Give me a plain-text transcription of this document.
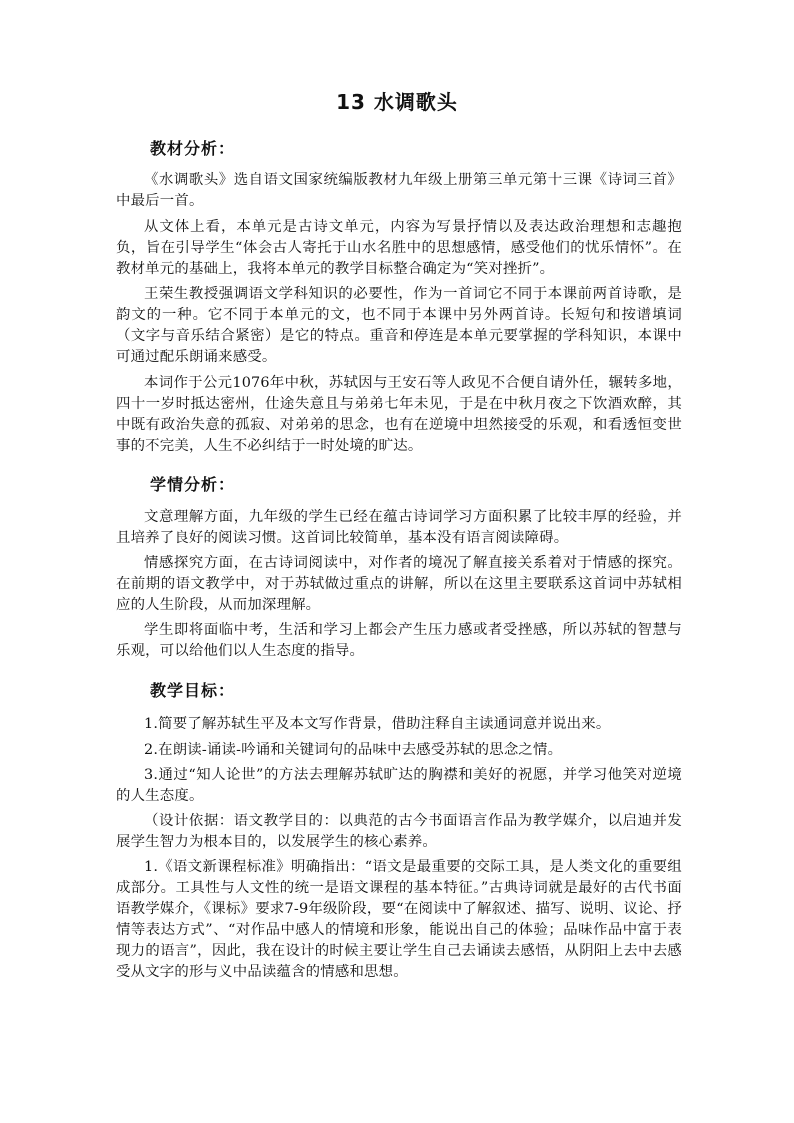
13 水调歌头
教材分析：

《水调歌头》选自语文国家统编版教材九年级上册第三单元第十三课《诗词三首》中最后一首。

从文体上看，本单元是古诗文单元，内容为写景抒情以及表达政治理想和志趣抱负，旨在引导学生“体会古人寄托于山水名胜中的思想感情，感受他们的忧乐情怀”。在教材单元的基础上，我将本单元的教学目标整合确定为“笑对挫折”。

王荣生教授强调语文学科知识的必要性，作为一首词它不同于本课前两首诗歌，是韵文的一种。它不同于本单元的文，也不同于本课中另外两首诗。长短句和按谱填词（文字与音乐结合紧密）是它的特点。重音和停连是本单元要掌握的学科知识，本课中可通过配乐朗诵来感受。

本词作于公元1076年中秋，苏轼因与王安石等人政见不合便自请外任，辗转多地，四十一岁时抵达密州，仕途失意且与弟弟七年未见，于是在中秋月夜之下饮酒欢醉，其中既有政治失意的孤寂、对弟弟的思念，也有在逆境中坦然接受的乐观，和看透恒变世事的不完美，人生不必纠结于一时处境的旷达。

学情分析：

文意理解方面，九年级的学生已经在蕴古诗词学习方面积累了比较丰厚的经验，并且培养了良好的阅读习惯。这首词比较简单，基本没有语言阅读障碍。

情感探究方面，在古诗词阅读中，对作者的境况了解直接关系着对于情感的探究。在前期的语文教学中，对于苏轼做过重点的讲解，所以在这里主要联系这首词中苏轼相应的人生阶段，从而加深理解。

学生即将面临中考，生活和学习上都会产生压力感或者受挫感，所以苏轼的智慧与乐观，可以给他们以人生态度的指导。

教学目标：

1.简要了解苏轼生平及本文写作背景，借助注释自主读通词意并说出来。

2.在朗读-诵读-吟诵和关键词句的品味中去感受苏轼的思念之情。

3.通过“知人论世”的方法去理解苏轼旷达的胸襟和美好的祝愿，并学习他笑对逆境的人生态度。

（设计依据：语文教学目的：以典范的古今书面语言作品为教学媒介，以启迪并发展学生智力为根本目的，以发展学生的核心素养。

1.《语文新课程标准》明确指出：“语文是最重要的交际工具，是人类文化的重要组成部分。工具性与人文性的统一是语文课程的基本特征。”古典诗词就是最好的古代书面语教学媒介，《课标》要求7-9年级阶段，要“在阅读中了解叙述、描写、说明、议论、抒情等表达方式”、“对作品中感人的情境和形象，能说出自己的体验；品味作品中富于表现力的语言”，因此，我在设计的时候主要让学生自己去诵读去感悟，从阴阳上去中去感受从文字的形与义中品读蕴含的情感和思想。
